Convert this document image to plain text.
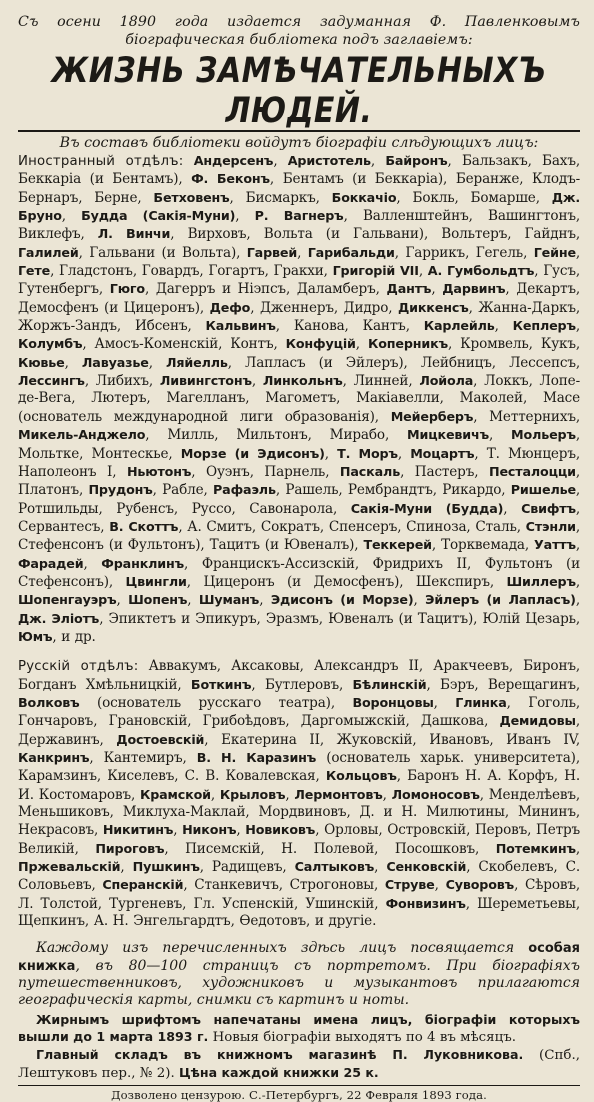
Съ осени 1890 года издается задуманная Ф. Павленковымъ біографическая библіотека подъ заглавіемъ:
ЖИЗНЬ ЗАМѢЧАТЕЛЬНЫХЪ ЛЮДЕЙ.
Въ составъ библіотеки войдутъ біографіи слѣдующихъ лицъ:
Иностранный отдѣлъ: Андерсенъ, Аристотель, Байронъ, Бальзакъ, Бахъ, Беккаріа (и Бентамъ), Ф. Беконъ, Бентамъ (и Беккаріа), Беранже, Клодъ-Бернаръ, Берне, Бетховенъ, Бисмаркъ, Боккачіо, Бокль, Бомарше, Дж. Бруно, Будда (Сакія-Муни), Р. Вагнеръ, Валленштейнъ, Вашингтонъ, Виклефъ, Л. Винчи, Вирховъ, Вольта (и Гальвани), Вольтеръ, Гайднъ, Галилей, Гальвани (и Вольта), Гарвей, Гарибальди, Гаррикъ, Гегель, Гейне, Гете, Гладстонъ, Говардъ, Гогартъ, Гракхи, Григорій VII, А. Гумбольдтъ, Гусъ, Гутенбергъ, Гюго, Дагерръ и Ніэпсъ, Даламберъ, Дантъ, Дарвинъ, Декартъ, Демосфенъ (и Цицеронъ), Дефо, Дженнеръ, Дидро, Диккенсъ, Жанна-Даркъ, Жоржъ-Зандъ, Ибсенъ, Кальвинъ, Канова, Кантъ, Карлейль, Кеплеръ, Колумбъ, Амосъ-Коменскій, Контъ, Конфуцій, Коперникъ, Кромвель, Кукъ, Кювье, Лавуазье, Ляйелль, Лапласъ (и Эйлеръ), Лейбницъ, Лессепсъ, Лессингъ, Либихъ, Ливингстонъ, Линкольнъ, Линней, Лойола, Локкъ, Лопе-де-Вега, Лютеръ, Магелланъ, Магометъ, Макіавелли, Маколей, Масе (основатель международной лиги образованія), Мейерберъ, Меттернихъ, Микель-Анджело, Милль, Мильтонъ, Мирабо, Мицкевичъ, Мольеръ, Мольтке, Монтескье, Морзе (и Эдисонъ), Т. Моръ, Моцартъ, Т. Мюнцеръ, Наполеонъ I, Ньютонъ, Оуэнъ, Парнель, Паскаль, Пастеръ, Песталоцци, Платонъ, Прудонъ, Рабле, Рафаэль, Рашель, Рембрандтъ, Рикардо, Ришелье, Ротшильды, Рубенсъ, Руссо, Савонарола, Сакія-Муни (Будда), Свифтъ, Сервантесъ, В. Скоттъ, А. Смитъ, Сократъ, Спенсеръ, Спиноза, Сталь, Стэнли, Стефенсонъ (и Фультонъ), Тацитъ (и Ювеналъ), Теккерей, Торквемада, Уаттъ, Фарадей, Франклинъ, Францискъ-Ассизскій, Фридрихъ II, Фультонъ (и Стефенсонъ), Цвингли, Цицеронъ (и Демосфенъ), Шекспиръ, Шиллеръ, Шопенгауэръ, Шопенъ, Шуманъ, Эдисонъ (и Морзе), Эйлеръ (и Лапласъ), Дж. Элiотъ, Эпиктетъ и Эпикуръ, Эразмъ, Ювеналъ (и Тацитъ), Юлій Цезарь, Юмъ, и др.
Русскій отдѣлъ: Аввакумъ, Аксаковы, Александръ II, Аракчеевъ, Биронъ, Богданъ Хмѣльницкій, Боткинъ, Бутлеровъ, Бѣлинскій, Бэръ, Верещагинъ, Волковъ (основатель русскаго театра), Воронцовы, Глинка, Гоголь, Гончаровъ, Грановскій, Грибоѣдовъ, Даргомыжскій, Дашкова, Демидовы, Державинъ, Достоевскій, Екатерина II, Жуковскій, Ивановъ, Иванъ IV, Канкринъ, Кантемиръ, В. Н. Каразинъ (основатель харьк. университета), Карамзинъ, Киселевъ, С. В. Ковалевская, Кольцовъ, Баронъ Н. А. Корфъ, Н. И. Костомаровъ, Крамской, Крыловъ, Лермонтовъ, Ломоносовъ, Менделѣевъ, Меньшиковъ, Миклуха-Маклай, Мордвиновъ, Д. и Н. Милютины, Мининъ, Некрасовъ, Никитинъ, Никонъ, Новиковъ, Орловы, Островскій, Перовъ, Петръ Великій, Пироговъ, Писемскій, Н. Полевой, Посошковъ, Потемкинъ, Пржевальскій, Пушкинъ, Радищевъ, Салтыковъ, Сенковскій, Скобелевъ, С. Соловьевъ, Сперанскій, Станкевичъ, Строгоновы, Струве, Суворовъ, Сѣровъ, Л. Толстой, Тургеневъ, Гл. Успенскій, Ушинскій, Фонвизинъ, Шереметьевы, Щепкинъ, А. Н. Энгельгардтъ, Ѳедотовъ, и другіе.
Каждому изъ перечисленныхъ здѣсь лицъ посвящается особая книжка, въ 80—100 страницъ съ портретомъ. При біографіяхъ путешественниковъ, художниковъ и музыкантовъ прилагаются географическія карты, снимки съ картинъ и ноты.
Жирнымъ шрифтомъ напечатаны имена лицъ, біографіи которыхъ вышли до 1 марта 1893 г. Новыя біографіи выходятъ по 4 въ мѣсяцъ.
Главный складъ въ книжномъ магазинѣ П. Луковникова. (Спб., Лештуковъ пер., № 2). Цѣна каждой книжки 25 к.
Дозволено цензурою. С.-Петербургъ, 22 Февраля 1893 года.
